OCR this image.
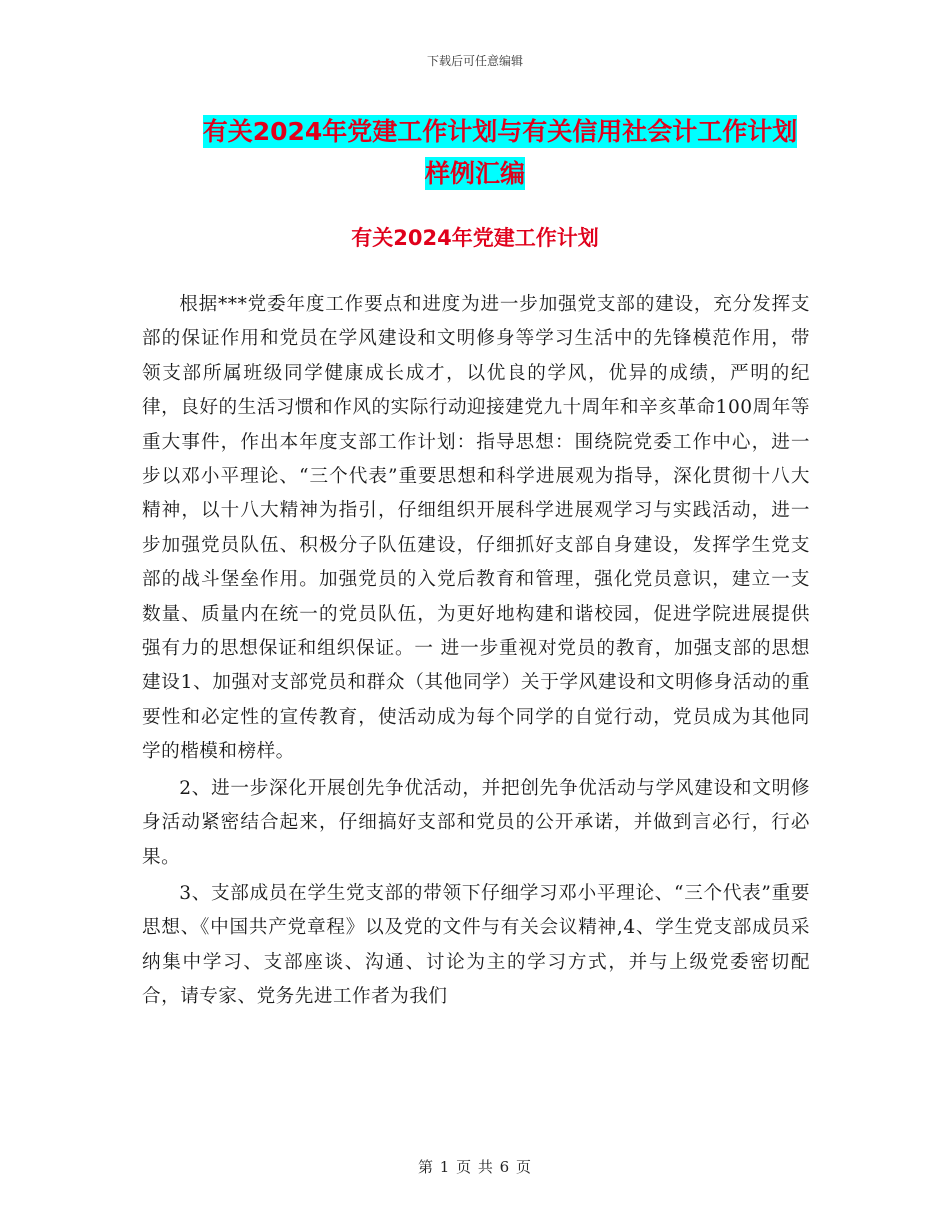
下载后可任意编辑
有关2024年党建工作计划与有关信用社会计工作计划
样例汇编
有关2024年党建工作计划

根据***党委年度工作要点和进度为进一步加强党支部的建设，充分发挥支部的保证作用和党员在学风建设和文明修身等学习生活中的先锋模范作用，带领支部所属班级同学健康成长成才，以优良的学风，优异的成绩，严明的纪律，良好的生活习惯和作风的实际行动迎接建党九十周年和辛亥革命100周年等重大事件，作出本年度支部工作计划：指导思想：围绕院党委工作中心，进一步以邓小平理论、“三个代表”重要思想和科学进展观为指导，深化贯彻十八大精神，以十八大精神为指引，仔细组织开展科学进展观学习与实践活动，进一步加强党员队伍、积极分子队伍建设，仔细抓好支部自身建设，发挥学生党支部的战斗堡垒作用。加强党员的入党后教育和管理，强化党员意识，建立一支数量、质量内在统一的党员队伍，为更好地构建和谐校园，促进学院进展提供强有力的思想保证和组织保证。一 进一步重视对党员的教育，加强支部的思想建设1、加强对支部党员和群众（其他同学）关于学风建设和文明修身活动的重要性和必定性的宣传教育，使活动成为每个同学的自觉行动，党员成为其他同学的楷模和榜样。

2、进一步深化开展创先争优活动，并把创先争优活动与学风建设和文明修身活动紧密结合起来，仔细搞好支部和党员的公开承诺，并做到言必行，行必果。

3、支部成员在学生党支部的带领下仔细学习邓小平理论、“三个代表”重要思想、《中国共产党章程》以及党的文件与有关会议精神,4、学生党支部成员采纳集中学习、支部座谈、沟通、讨论为主的学习方式，并与上级党委密切配合，请专家、党务先进工作者为我们

第 1 页 共 6 页
